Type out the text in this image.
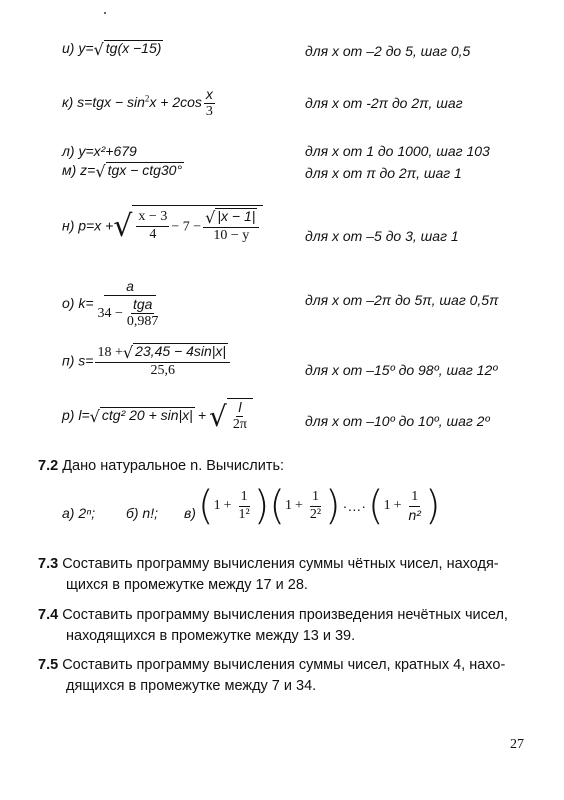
и) y=√ tg(x −15)	для х от –2 до 5, шаг 0,5
к) $s=tgx - \sin^2x + 2\cos \frac{x}{3}$	для х от -2π до 2π, шаг
л) y=x²+679	для х от 1 до 1000, шаг 103
м) z=√ tgx − ctg30°	для х от π до 2π, шаг 1
н) p=x +√ $\frac{x - 3}{4} - 7 - \frac{√ |x - 1|}{10 - y}$	для х от –5 до 3, шаг 1
o) $k= \frac{a}{34 - \frac{\text{tga}}{0,987}}$	для х от –2π до 5π, шаг 0,5π
п) $s= \frac{18 +√ 23,45 - 4\sin|x|}{25,6}$	для х от –15º до 98º, шаг 12º
р) l=√ ctg² 20 + sin|x| + √ $\frac{l}{2\pi}$	для х от –10º до 10º, шаг 2º
7.2 Дано натуральное n. Вычислить:
а) 2ⁿ; б) n!; в) $(1 + \frac{1}{\text{1²}} )(1 + \frac{1}{\text{2²}}$ ) ·…·(1 + $\frac{1}{\text{n²}}$ )
7.3 Составить программу вычисления суммы чётных чисел, находя-
щихся в промежутке между 17 и 28.
7.4 Составить программу вычисления произведения нечётных чисел,
находящихся в промежутке между 13 и 39.
7.5 Составить программу вычисления суммы чисел, кратных 4, нахо-
дящихся в промежутке между 7 и 34.
27
